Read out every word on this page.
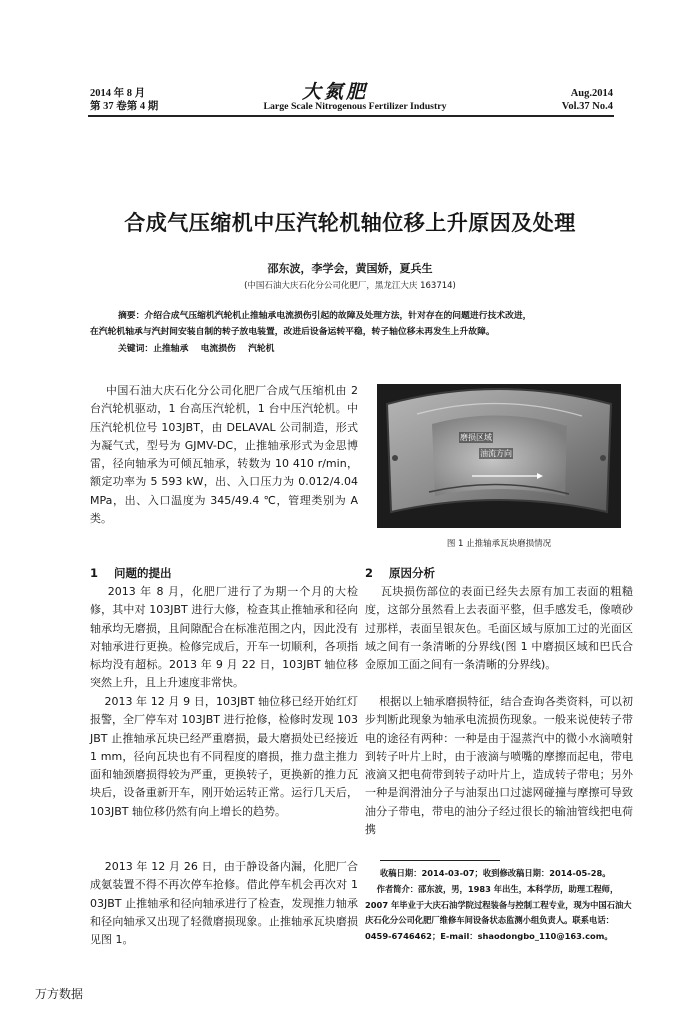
2014 年 8 月
第 37 卷第 4 期
大氮肥
Large Scale Nitrogenous Fertilizer Industry
Aug.2014
Vol.37 No.4
合成气压缩机中压汽轮机轴位移上升原因及处理
邵东波，李学会，黄国娇，夏兵生
(中国石油大庆石化分公司化肥厂，黑龙江大庆 163714)
摘要：介绍合成气压缩机汽轮机止推轴承电流损伤引起的故障及处理方法，针对存在的问题进行技术改进，
在汽轮机轴承与汽封间安装自制的转子放电装置，改进后设备运转平稳，转子轴位移未再发生上升故障。
关键词：止推轴承    电流损伤    汽轮机
中国石油大庆石化分公司化肥厂合成气压缩机由 2 台汽轮机驱动，1 台高压汽轮机，1 台中压汽轮机。中压汽轮机位号 103JBT，由 DELAVAL 公司制造，形式为凝气式，型号为 GJMV-DC，止推轴承形式为金思博雷，径向轴承为可倾瓦轴承，转数为 10 410 r/min，额定功率为 5 593 kW，出、入口压力为 0.012/4.04 MPa，出、入口温度为 345/49.4 ℃，管理类别为 A 类。
磨损区域
油流方向
图 1 止推轴承瓦块磨损情况
1    问题的提出
2013 年 8 月，化肥厂进行了为期一个月的大检修，其中对 103JBT 进行大修，检查其止推轴承和径向轴承均无磨损，且间隙配合在标准范围之内，因此没有对轴承进行更换。检修完成后，开车一切顺利，各项指标均没有超标。2013 年 9 月 22 日，103JBT 轴位移突然上升，且上升速度非常快。
2013 年 12 月 9 日，103JBT 轴位移已经开始红灯报警，全厂停车对 103JBT 进行抢修，检修时发现 103JBT 止推轴承瓦块已经严重磨损，最大磨损处已经接近 1 mm，径向瓦块也有不同程度的磨损，推力盘主推力面和轴颈磨损得较为严重，更换转子，更换新的推力瓦块后，设备重新开车，刚开始运转正常。运行几天后，103JBT 轴位移仍然有向上增长的趋势。
2013 年 12 月 26 日，由于静设备内漏，化肥厂合成氨装置不得不再次停车抢修。借此停车机会再次对 103JBT 止推轴承和径向轴承进行了检查，发现推力轴承和径向轴承又出现了轻微磨损现象。止推轴承瓦块磨损见图 1。
2    原因分析
瓦块损伤部位的表面已经失去原有加工表面的粗糙度，这部分虽然看上去表面平整，但手感发毛，像喷砂过那样，表面呈银灰色。毛面区域与原加工过的光面区域之间有一条清晰的分界线(图 1 中磨损区域和巴氏合金原加工面之间有一条清晰的分界线)。
根据以上轴承磨损特征，结合查询各类资料，可以初步判断此现象为轴承电流损伤现象。一般来说使转子带电的途径有两种：一种是由于湿蒸汽中的微小水滴喷射到转子叶片上时，由于液滴与喷嘴的摩擦而起电，带电液滴又把电荷带到转子动叶片上，造成转子带电；另外一种是润滑油分子与油泵出口过滤网碰撞与摩擦可导致油分子带电，带电的油分子经过很长的输油管线把电荷携
收稿日期：2014-03-07；收到修改稿日期：2014-05-28。
作者简介：邵东波，男，1983 年出生，本科学历，助理工程师，2007 年毕业于大庆石油学院过程装备与控制工程专业，现为中国石油大庆石化分公司化肥厂维修车间设备状态监测小组负责人。联系电话：0459-6746462；E-mail：shaodongbo_110@163.com。
万方数据
